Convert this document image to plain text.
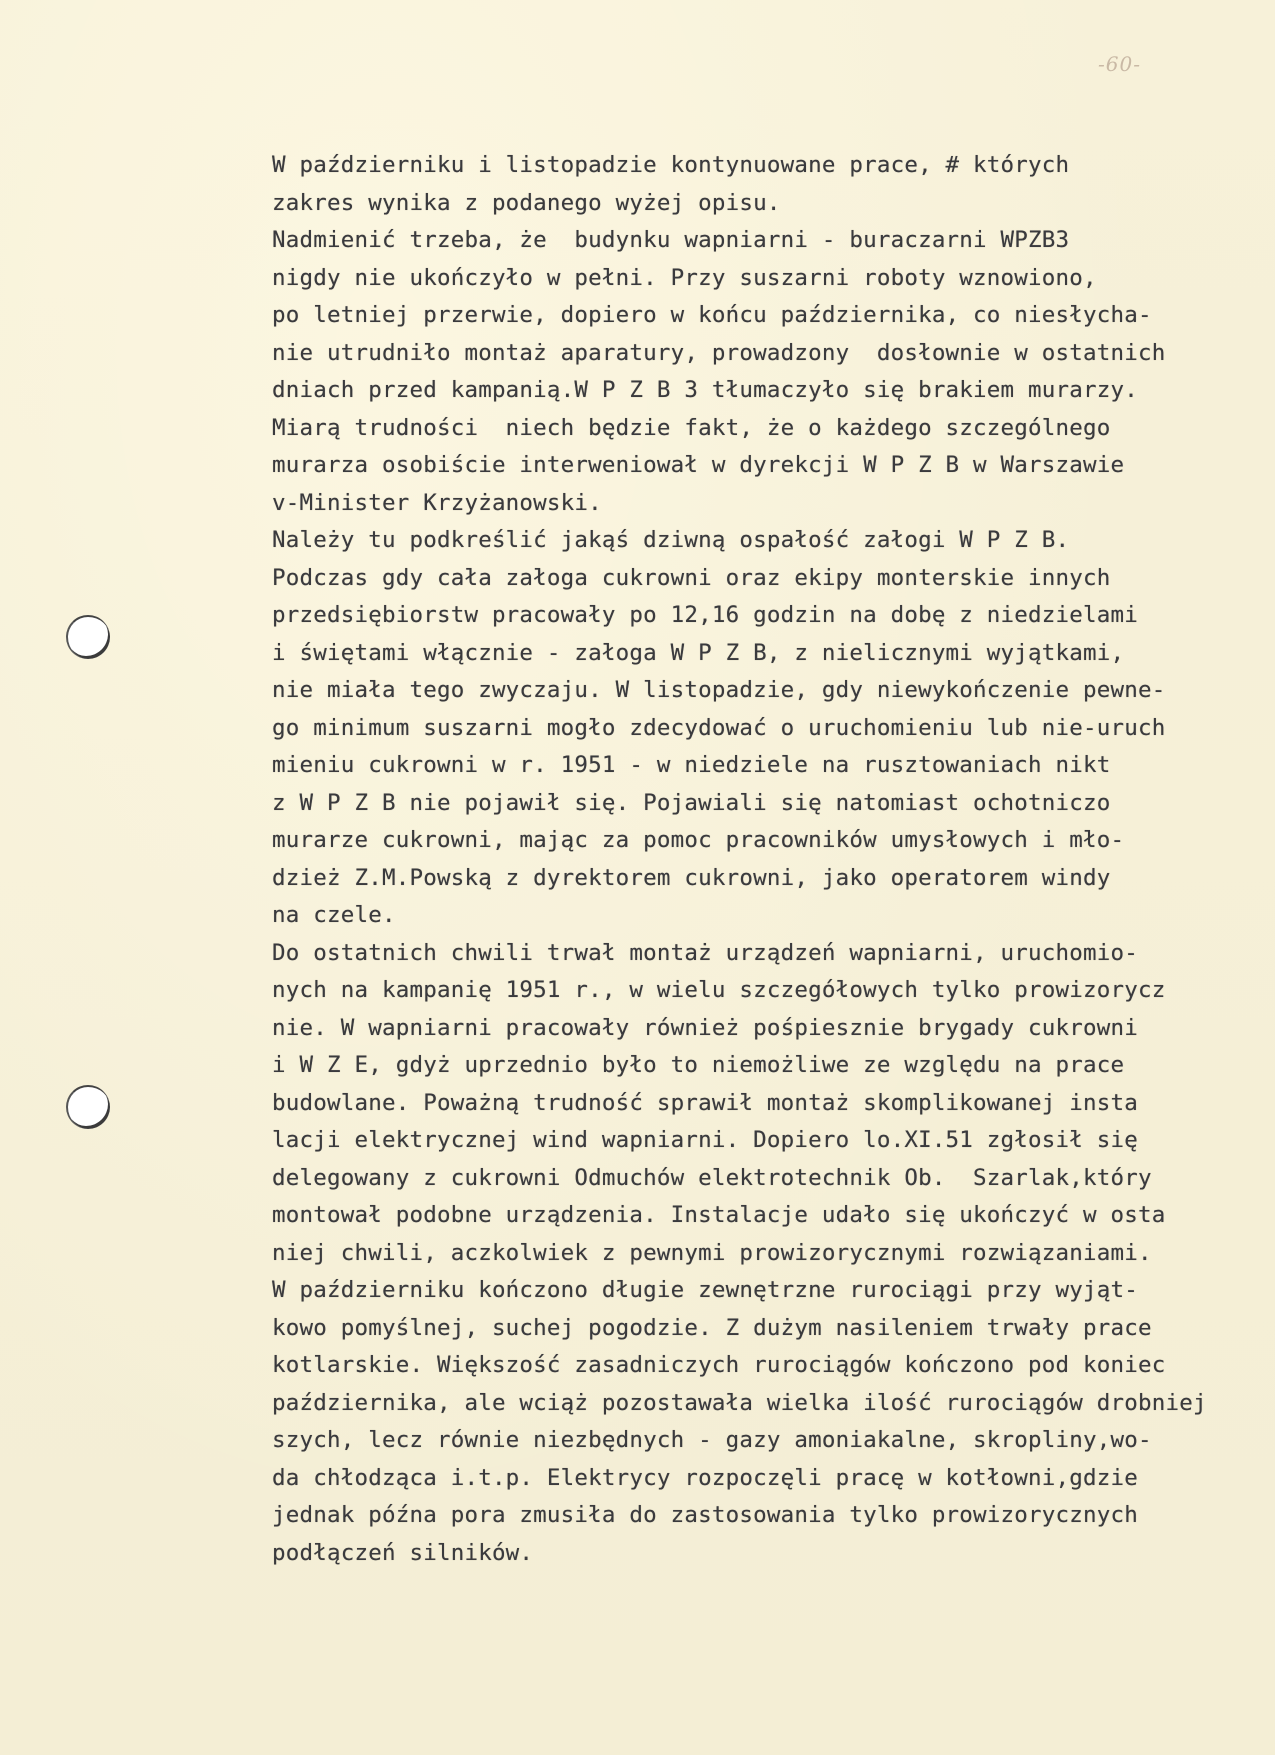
-60-
W październiku i listopadzie kontynuowane prace, # których
zakres wynika z podanego wyżej opisu.
Nadmienić trzeba, że  budynku wapniarni - buraczarni WPZB3
nigdy nie ukończyło w pełni. Przy suszarni roboty wznowiono,
po letniej przerwie, dopiero w końcu października, co niesłycha-
nie utrudniło montaż aparatury, prowadzony  dosłownie w ostatnich
dniach przed kampanią.W P Z B 3 tłumaczyło się brakiem murarzy.
Miarą trudności  niech będzie fakt, że o każdego szczególnego
murarza osobiście interweniował w dyrekcji W P Z B w Warszawie
v-Minister Krzyżanowski.
Należy tu podkreślić jakąś dziwną ospałość załogi W P Z B.
Podczas gdy cała załoga cukrowni oraz ekipy monterskie innych
przedsiębiorstw pracowały po 12,16 godzin na dobę z niedzielami
i świętami włącznie - załoga W P Z B, z nielicznymi wyjątkami,
nie miała tego zwyczaju. W listopadzie, gdy niewykończenie pewne-
go minimum suszarni mogło zdecydować o uruchomieniu lub nie-uruch
mieniu cukrowni w r. 1951 - w niedziele na rusztowaniach nikt
z W P Z B nie pojawił się. Pojawiali się natomiast ochotniczo
murarze cukrowni, mając za pomoc pracowników umysłowych i mło-
dzież Z.M.Powską z dyrektorem cukrowni, jako operatorem windy
na czele.
Do ostatnich chwili trwał montaż urządzeń wapniarni, uruchomio-
nych na kampanię 1951 r., w wielu szczegółowych tylko prowizorycz
nie. W wapniarni pracowały również pośpiesznie brygady cukrowni
i W Z E, gdyż uprzednio było to niemożliwe ze względu na prace
budowlane. Poważną trudność sprawił montaż skomplikowanej insta
lacji elektrycznej wind wapniarni. Dopiero lo.XI.51 zgłosił się
delegowany z cukrowni Odmuchów elektrotechnik Ob.  Szarlak,który
montował podobne urządzenia. Instalacje udało się ukończyć w osta
niej chwili, aczkolwiek z pewnymi prowizorycznymi rozwiązaniami.
W październiku kończono długie zewnętrzne rurociągi przy wyjąt-
kowo pomyślnej, suchej pogodzie. Z dużym nasileniem trwały prace
kotlarskie. Większość zasadniczych rurociągów kończono pod koniec
października, ale wciąż pozostawała wielka ilość rurociągów drobniej
szych, lecz równie niezbędnych - gazy amoniakalne, skropliny,wo-
da chłodząca i.t.p. Elektrycy rozpoczęli pracę w kotłowni,gdzie
jednak późna pora zmusiła do zastosowania tylko prowizorycznych
podłączeń silników.
